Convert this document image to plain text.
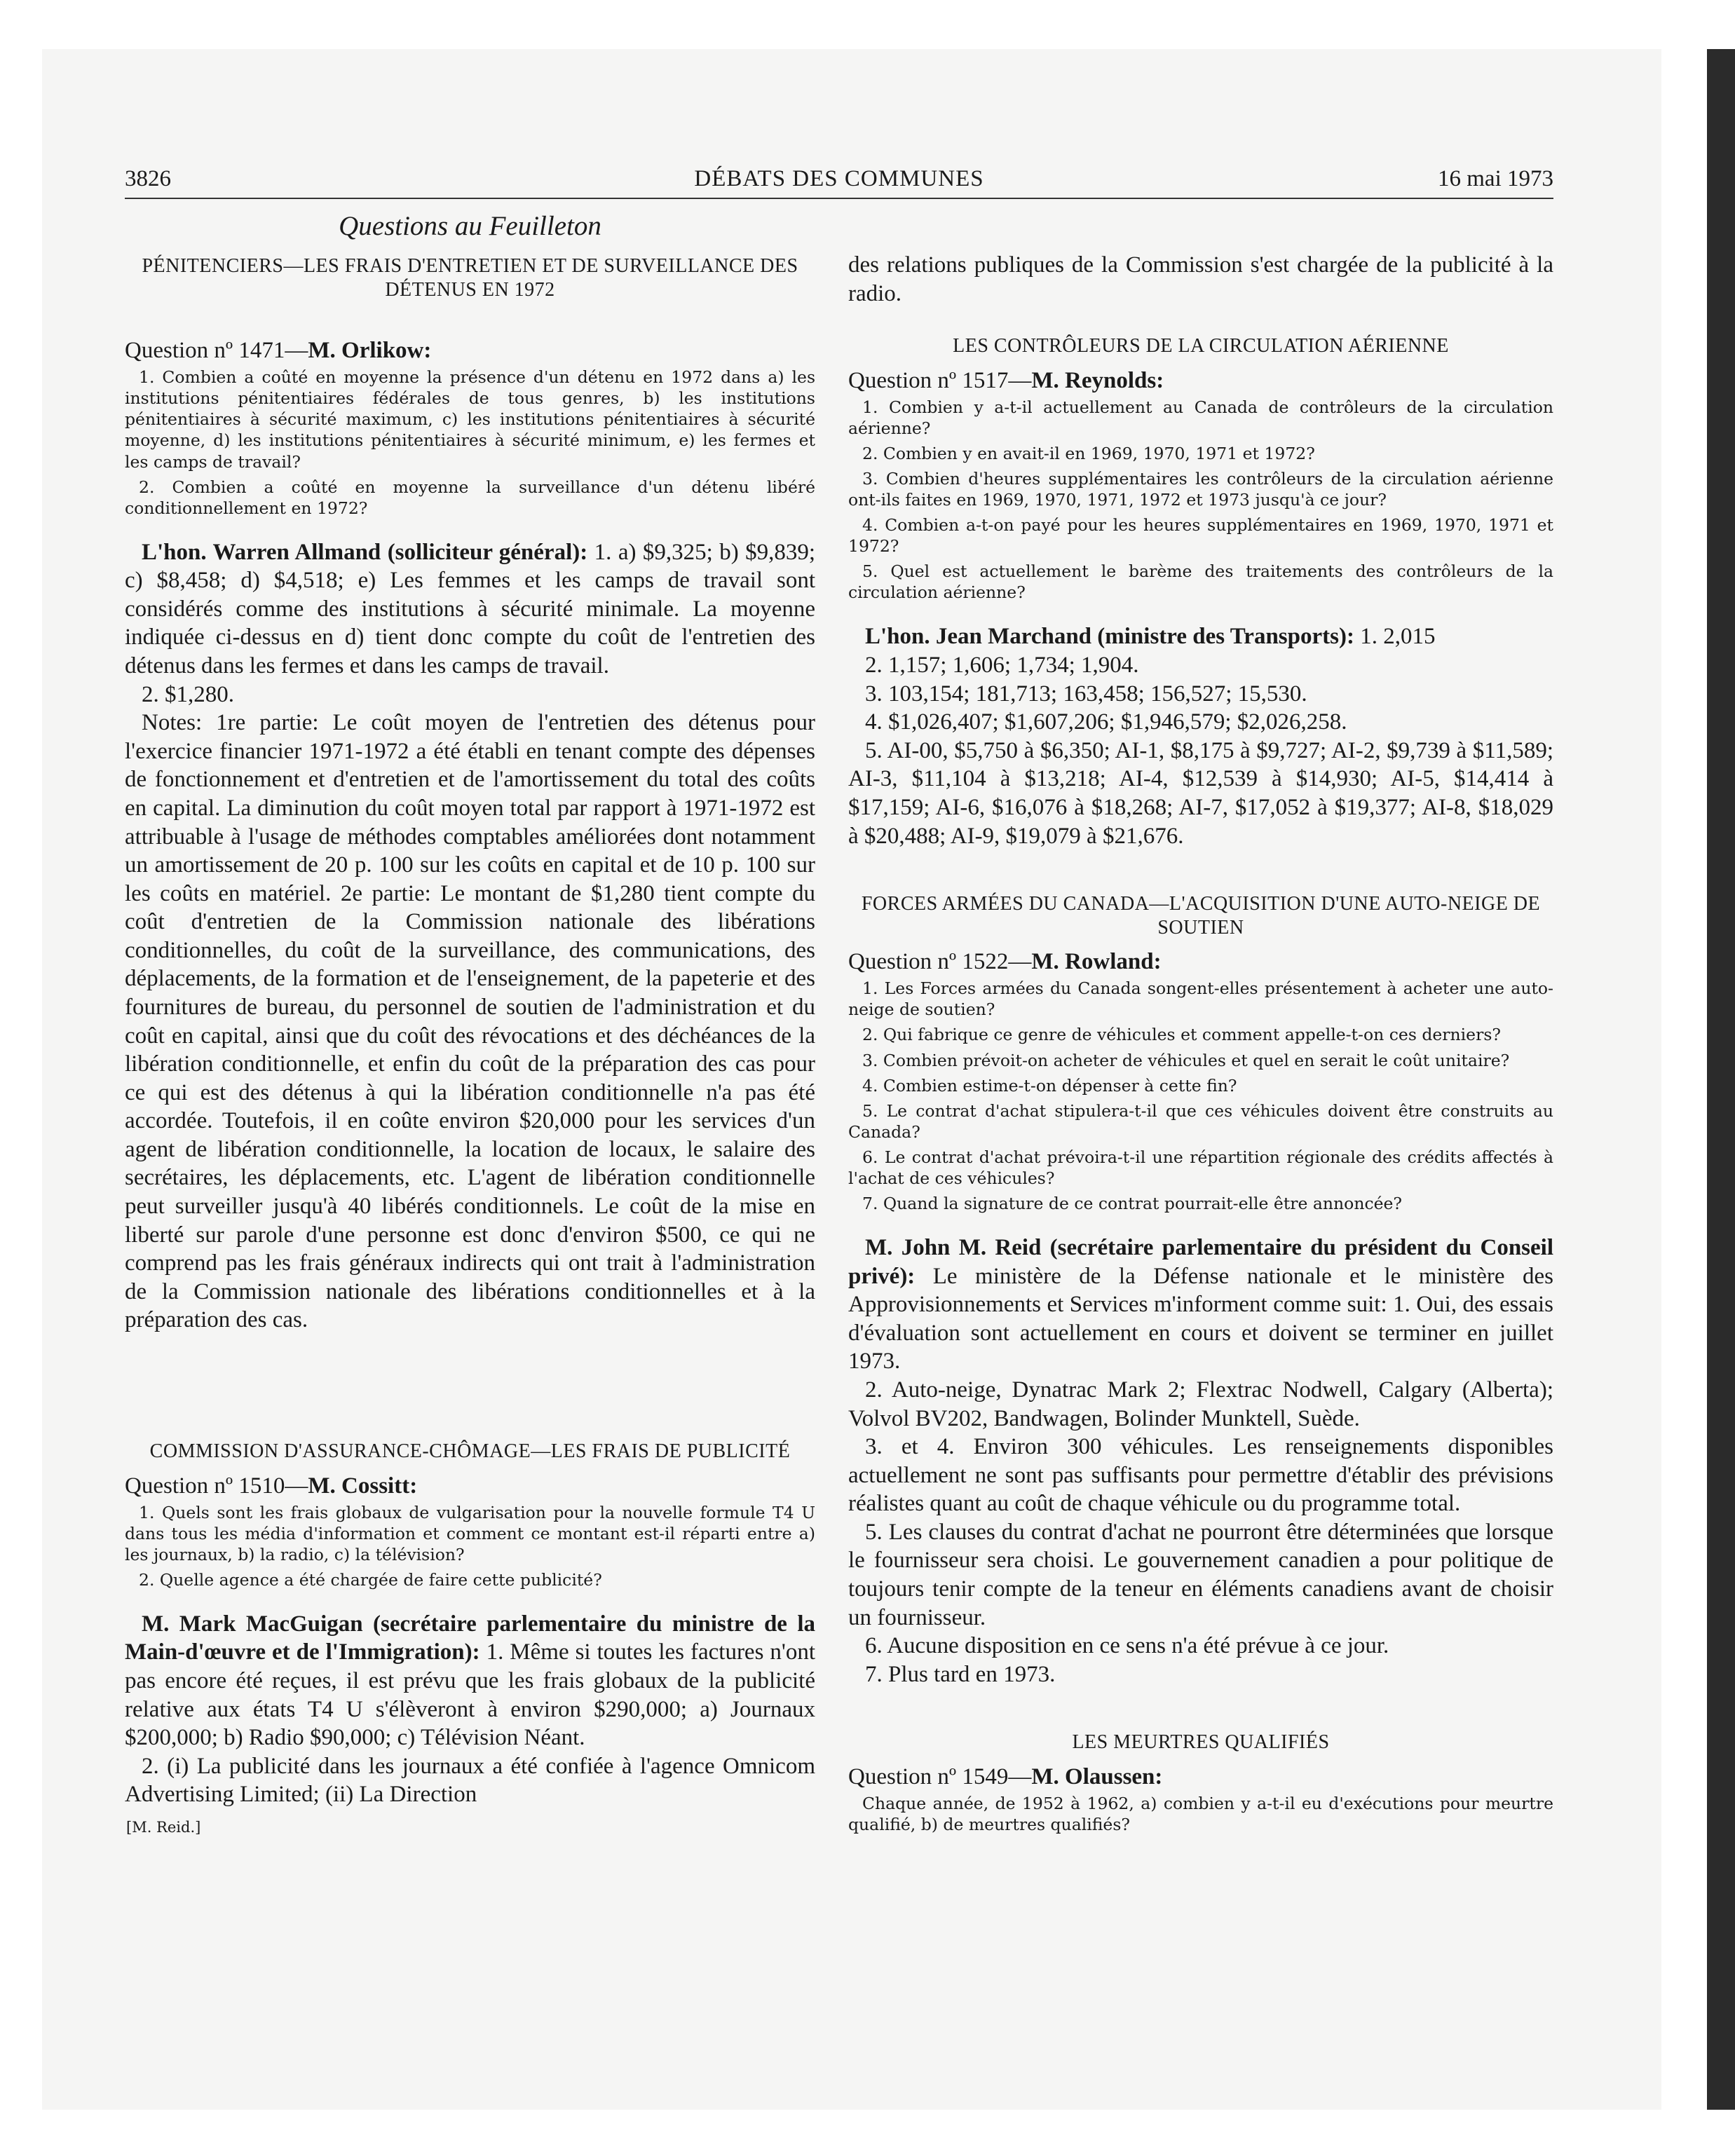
3826	DÉBATS DES COMMUNES	16 mai 1973
Questions au Feuilleton
PÉNITENCIERS—LES FRAIS D'ENTRETIEN ET DE SURVEILLANCE DES DÉTENUS EN 1972
Question nº 1471—M. Orlikow:

1. Combien a coûté en moyenne la présence d'un détenu en 1972 dans a) les institutions pénitentiaires fédérales de tous genres, b) les institutions pénitentiaires à sécurité maximum, c) les institutions pénitentiaires à sécurité moyenne, d) les institutions pénitentiaires à sécurité minimum, e) les fermes et les camps de travail?

2. Combien a coûté en moyenne la surveillance d'un détenu libéré conditionnellement en 1972?

L'hon. Warren Allmand (solliciteur général): 1. a) $9,325; b) $9,839; c) $8,458; d) $4,518; e) Les femmes et les camps de travail sont considérés comme des institutions à sécurité minimale. La moyenne indiquée ci-dessus en d) tient donc compte du coût de l'entretien des détenus dans les fermes et dans les camps de travail.

2. $1,280.

Notes: 1re partie: Le coût moyen de l'entretien des détenus pour l'exercice financier 1971-1972 a été établi en tenant compte des dépenses de fonctionnement et d'entretien et de l'amortissement du total des coûts en capital. La diminution du coût moyen total par rapport à 1971-1972 est attribuable à l'usage de méthodes comptables améliorées dont notamment un amortissement de 20 p. 100 sur les coûts en capital et de 10 p. 100 sur les coûts en matériel. 2e partie: Le montant de $1,280 tient compte du coût d'entretien de la Commission nationale des libérations conditionnelles, du coût de la surveillance, des communications, des déplacements, de la formation et de l'enseignement, de la papeterie et des fournitures de bureau, du personnel de soutien de l'administration et du coût en capital, ainsi que du coût des révocations et des déchéances de la libération conditionnelle, et enfin du coût de la préparation des cas pour ce qui est des détenus à qui la libération conditionnelle n'a pas été accordée. Toutefois, il en coûte environ $20,000 pour les services d'un agent de libération conditionnelle, la location de locaux, le salaire des secrétaires, les déplacements, etc. L'agent de libération conditionnelle peut surveiller jusqu'à 40 libérés conditionnels. Le coût de la mise en liberté sur parole d'une personne est donc d'environ $500, ce qui ne comprend pas les frais généraux indirects qui ont trait à l'administration de la Commission nationale des libérations conditionnelles et à la préparation des cas.

COMMISSION D'ASSURANCE-CHÔMAGE—LES FRAIS DE PUBLICITÉ
Question nº 1510—M. Cossitt:

1. Quels sont les frais globaux de vulgarisation pour la nouvelle formule T4 U dans tous les média d'information et comment ce montant est-il réparti entre a) les journaux, b) la radio, c) la télévision?

2. Quelle agence a été chargée de faire cette publicité?

M. Mark MacGuigan (secrétaire parlementaire du ministre de la Main-d'œuvre et de l'Immigration): 1. Même si toutes les factures n'ont pas encore été reçues, il est prévu que les frais globaux de la publicité relative aux états T4 U s'élèveront à environ $290,000; a) Journaux $200,000; b) Radio $90,000; c) Télévision Néant.

2. (i) La publicité dans les journaux a été confiée à l'agence Omnicom Advertising Limited; (ii) La Direction

[M. Reid.]

des relations publiques de la Commission s'est chargée de la publicité à la radio.

LES CONTRÔLEURS DE LA CIRCULATION AÉRIENNE
Question nº 1517—M. Reynolds:

1. Combien y a-t-il actuellement au Canada de contrôleurs de la circulation aérienne?

2. Combien y en avait-il en 1969, 1970, 1971 et 1972?

3. Combien d'heures supplémentaires les contrôleurs de la circulation aérienne ont-ils faites en 1969, 1970, 1971, 1972 et 1973 jusqu'à ce jour?

4. Combien a-t-on payé pour les heures supplémentaires en 1969, 1970, 1971 et 1972?

5. Quel est actuellement le barème des traitements des contrôleurs de la circulation aérienne?

L'hon. Jean Marchand (ministre des Transports): 1. 2,015

2. 1,157; 1,606; 1,734; 1,904.

3. 103,154; 181,713; 163,458; 156,527; 15,530.

4. $1,026,407; $1,607,206; $1,946,579; $2,026,258.

5. AI-00, $5,750 à $6,350; AI-1, $8,175 à $9,727; AI-2, $9,739 à $11,589; AI-3, $11,104 à $13,218; AI-4, $12,539 à $14,930; AI-5, $14,414 à $17,159; AI-6, $16,076 à $18,268; AI-7, $17,052 à $19,377; AI-8, $18,029 à $20,488; AI-9, $19,079 à $21,676.

FORCES ARMÉES DU CANADA—L'ACQUISITION D'UNE AUTO-NEIGE DE SOUTIEN
Question nº 1522—M. Rowland:

1. Les Forces armées du Canada songent-elles présentement à acheter une auto-neige de soutien?

2. Qui fabrique ce genre de véhicules et comment appelle-t-on ces derniers?

3. Combien prévoit-on acheter de véhicules et quel en serait le coût unitaire?

4. Combien estime-t-on dépenser à cette fin?

5. Le contrat d'achat stipulera-t-il que ces véhicules doivent être construits au Canada?

6. Le contrat d'achat prévoira-t-il une répartition régionale des crédits affectés à l'achat de ces véhicules?

7. Quand la signature de ce contrat pourrait-elle être annoncée?

M. John M. Reid (secrétaire parlementaire du président du Conseil privé): Le ministère de la Défense nationale et le ministère des Approvisionnements et Services m'informent comme suit: 1. Oui, des essais d'évaluation sont actuellement en cours et doivent se terminer en juillet 1973.

2. Auto-neige, Dynatrac Mark 2; Flextrac Nodwell, Calgary (Alberta); Volvol BV202, Bandwagen, Bolinder Munktell, Suède.

3. et 4. Environ 300 véhicules. Les renseignements disponibles actuellement ne sont pas suffisants pour permettre d'établir des prévisions réalistes quant au coût de chaque véhicule ou du programme total.

5. Les clauses du contrat d'achat ne pourront être déterminées que lorsque le fournisseur sera choisi. Le gouvernement canadien a pour politique de toujours tenir compte de la teneur en éléments canadiens avant de choisir un fournisseur.

6. Aucune disposition en ce sens n'a été prévue à ce jour.

7. Plus tard en 1973.

LES MEURTRES QUALIFIÉS
Question nº 1549—M. Olaussen:

Chaque année, de 1952 à 1962, a) combien y a-t-il eu d'exécutions pour meurtre qualifié, b) de meurtres qualifiés?
